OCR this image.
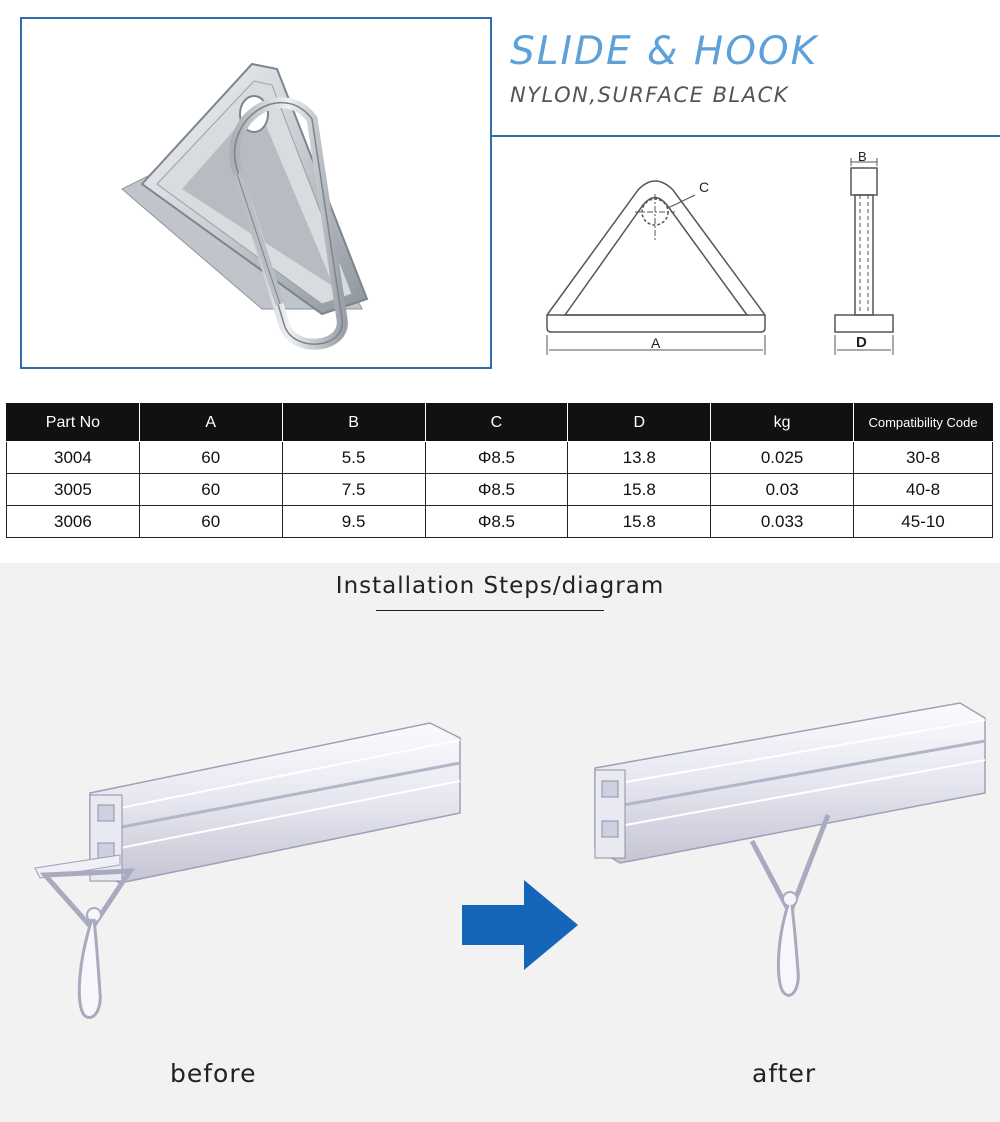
SLIDE & HOOK
NYLON,SURFACE BLACK
A
B
C
D
Part No	A	B	C	D	kg	Compatibility Code
3004	60	5.5	Φ8.5	13.8	0.025	30-8
3005	60	7.5	Φ8.5	15.8	0.03	40-8
3006	60	9.5	Φ8.5	15.8	0.033	45-10
Installation Steps/diagram
before	after
